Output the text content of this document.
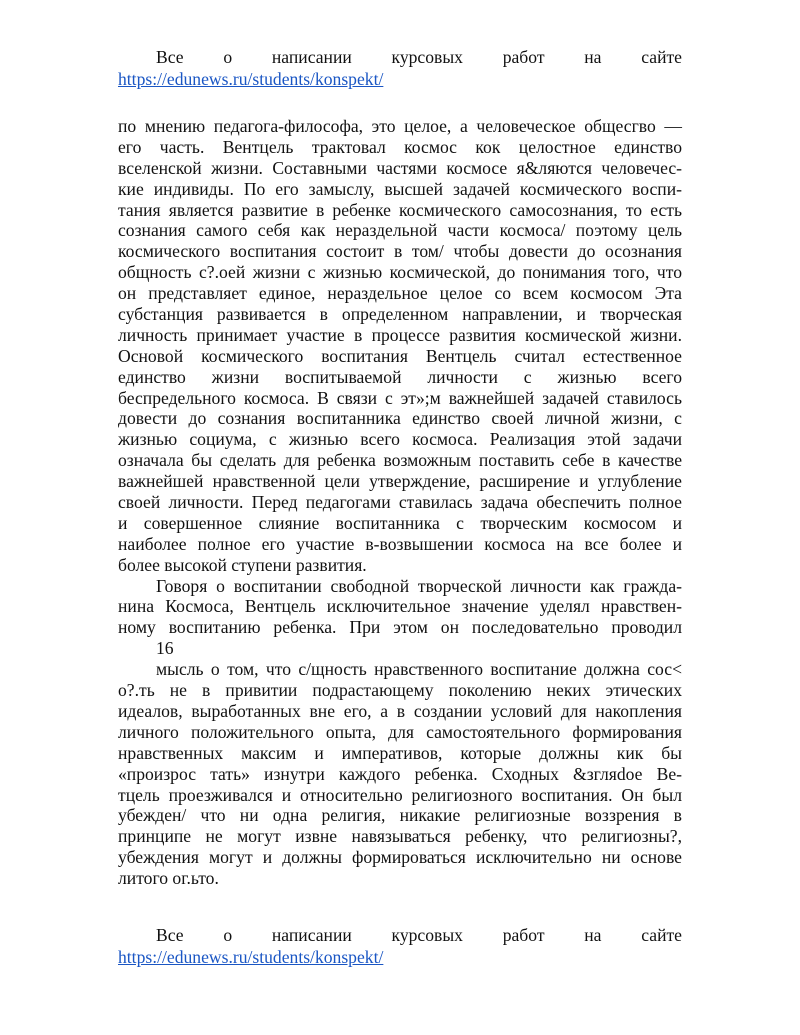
Все о написании курсовых работ на сайте
https://edunews.ru/students/konspekt/
по мнению педагога-философа, это целое, а человеческое общесгво —
его часть. Вентцель трактовал космос кок целостное единство
вселенской жизни. Составными частями космосе я&ляются человечес-
кие индивиды. По его замыслу, высшей задачей космического воспи-
тания является развитие в ребенке космического самосознания, то есть
сознания самого себя как нераздельной части космоса/ поэтому цель
космического воспитания состоит в том/ чтобы довести до осознания
общность с?.оей жизни с жизнью космической, до понимания того, что
он представляет единое, нераздельное целое со всем космосом Эта
субстанция развивается в определенном направлении, и творческая
личность принимает участие в процессе развития космической жизни.
Основой космического воспитания Вентцель считал естественное
единство жизни воспитываемой личности с жизнью всего
беспредельного космоса. В связи с эт»;м важнейшей задачей ставилось
довести до сознания воспитанника единство своей личной жизни, с
жизнью социума, с жизнью всего космоса. Реализация этой задачи
означала бы сделать для ребенка возможным поставить себе в качестве
важнейшей нравственной цели утверждение, расширение и углубление
своей личности. Перед педагогами ставилась задача обеспечить полное
и совершенное слияние воспитанника с творческим космосом и
наиболее полное его участие в-возвышении космоса на все более и
более высокой ступени развития.
Говоря о воспитании свободной творческой личности как гражда-
нина Космоса, Вентцель исключительное значение уделял нравствен-
ному воспитанию ребенка. При этом он последовательно проводил
16
мысль о том, что с/щность нравственного воспитание должна сос<
о?.ть не в привитии подрастающему поколению неких этических
идеалов, выработанных вне его, а в создании условий для накопления
личного положительного опыта, для самостоятельного формирования
нравственных максим и императивов, которые должны кик бы
«произрос тать» изнутри каждого ребенка. Сходных &згляdое Ве-
тцель проезживался и относительно религиозного воспитания. Он был
убежден/ что ни одна религия, никакие религиозные воззрения в
принципе не могут извне навязываться ребенку, что религиозны?,
убеждения могут и должны формироваться исключительно ни основе
литого ог.ьто.
Все о написании курсовых работ на сайте
https://edunews.ru/students/konspekt/
